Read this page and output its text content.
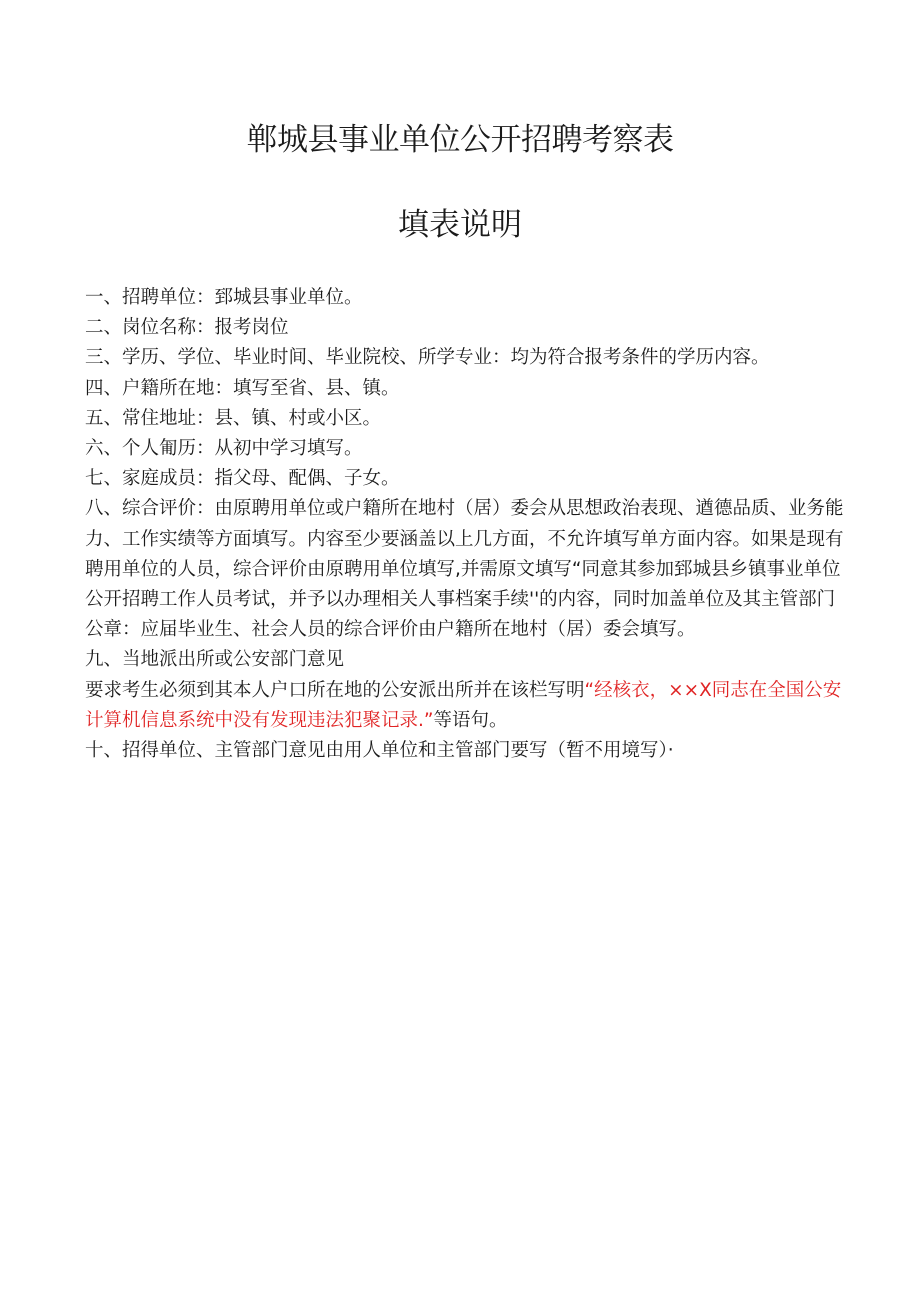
郸城县事业单位公开招聘考察表
填表说明

一、招聘单位：郅城县事业单位。

二、岗位名称：报考岗位

三、学历、学位、毕业时间、毕业院校、所学专业：均为符合报考条件的学历内容。

四、户籍所在地：填写至省、县、镇。

五、常住地址：县、镇、村或小区。

六、个人匍历：从初中学习填写。

七、家庭成员：指父母、配偶、子女。

八、综合评价：由原聘用单位或户籍所在地村（居）委会从思想政治表现、遒德品质、业务能力、工作实绩等方面填写。内容至少要涵盖以上几方面，不允许填写单方面内容。如果是现有聘用单位的人员，综合评价由原聘用单位填写,并需原文填写“同意其参加郅城县乡镇事业单位公开招聘工作人员考试，并予以办理相关人事档案手续''的内容，同时加盖单位及其主管部门公章：应届毕业生、社会人员的综合评价由户籍所在地村（居）委会填写。

九、当地派出所或公安部门意见

要求考生必须到其本人户口所在地的公安派出所并在该栏写明“经核衣，××X同志在全国公安计算机信息系统中没有发现违法犯聚记录.”等语句。

十、招得单位、主管部门意见由用人单位和主管部门要写（暂不用境写）·
